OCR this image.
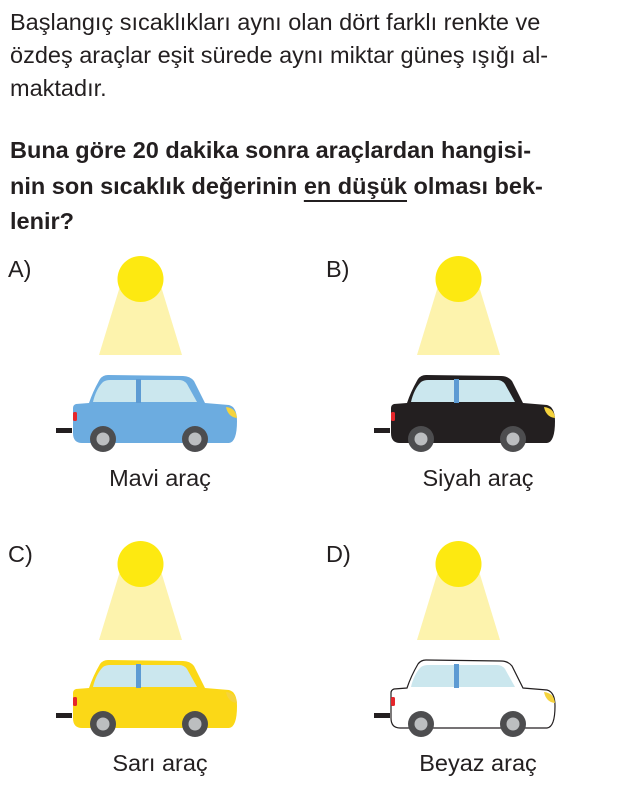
Başlangıç sıcaklıkları aynı olan dört farklı renkte ve
özdeş araçlar eşit sürede aynı miktar güneş ışığı al-
maktadır.

Buna göre 20 dakika sonra araçlardan hangisi-
nin son sıcaklık değerinin en düşük olması bek-
lenir?

A)
Mavi araç
B)
Siyah araç
C)
Sarı araç
D)
Beyaz araç
